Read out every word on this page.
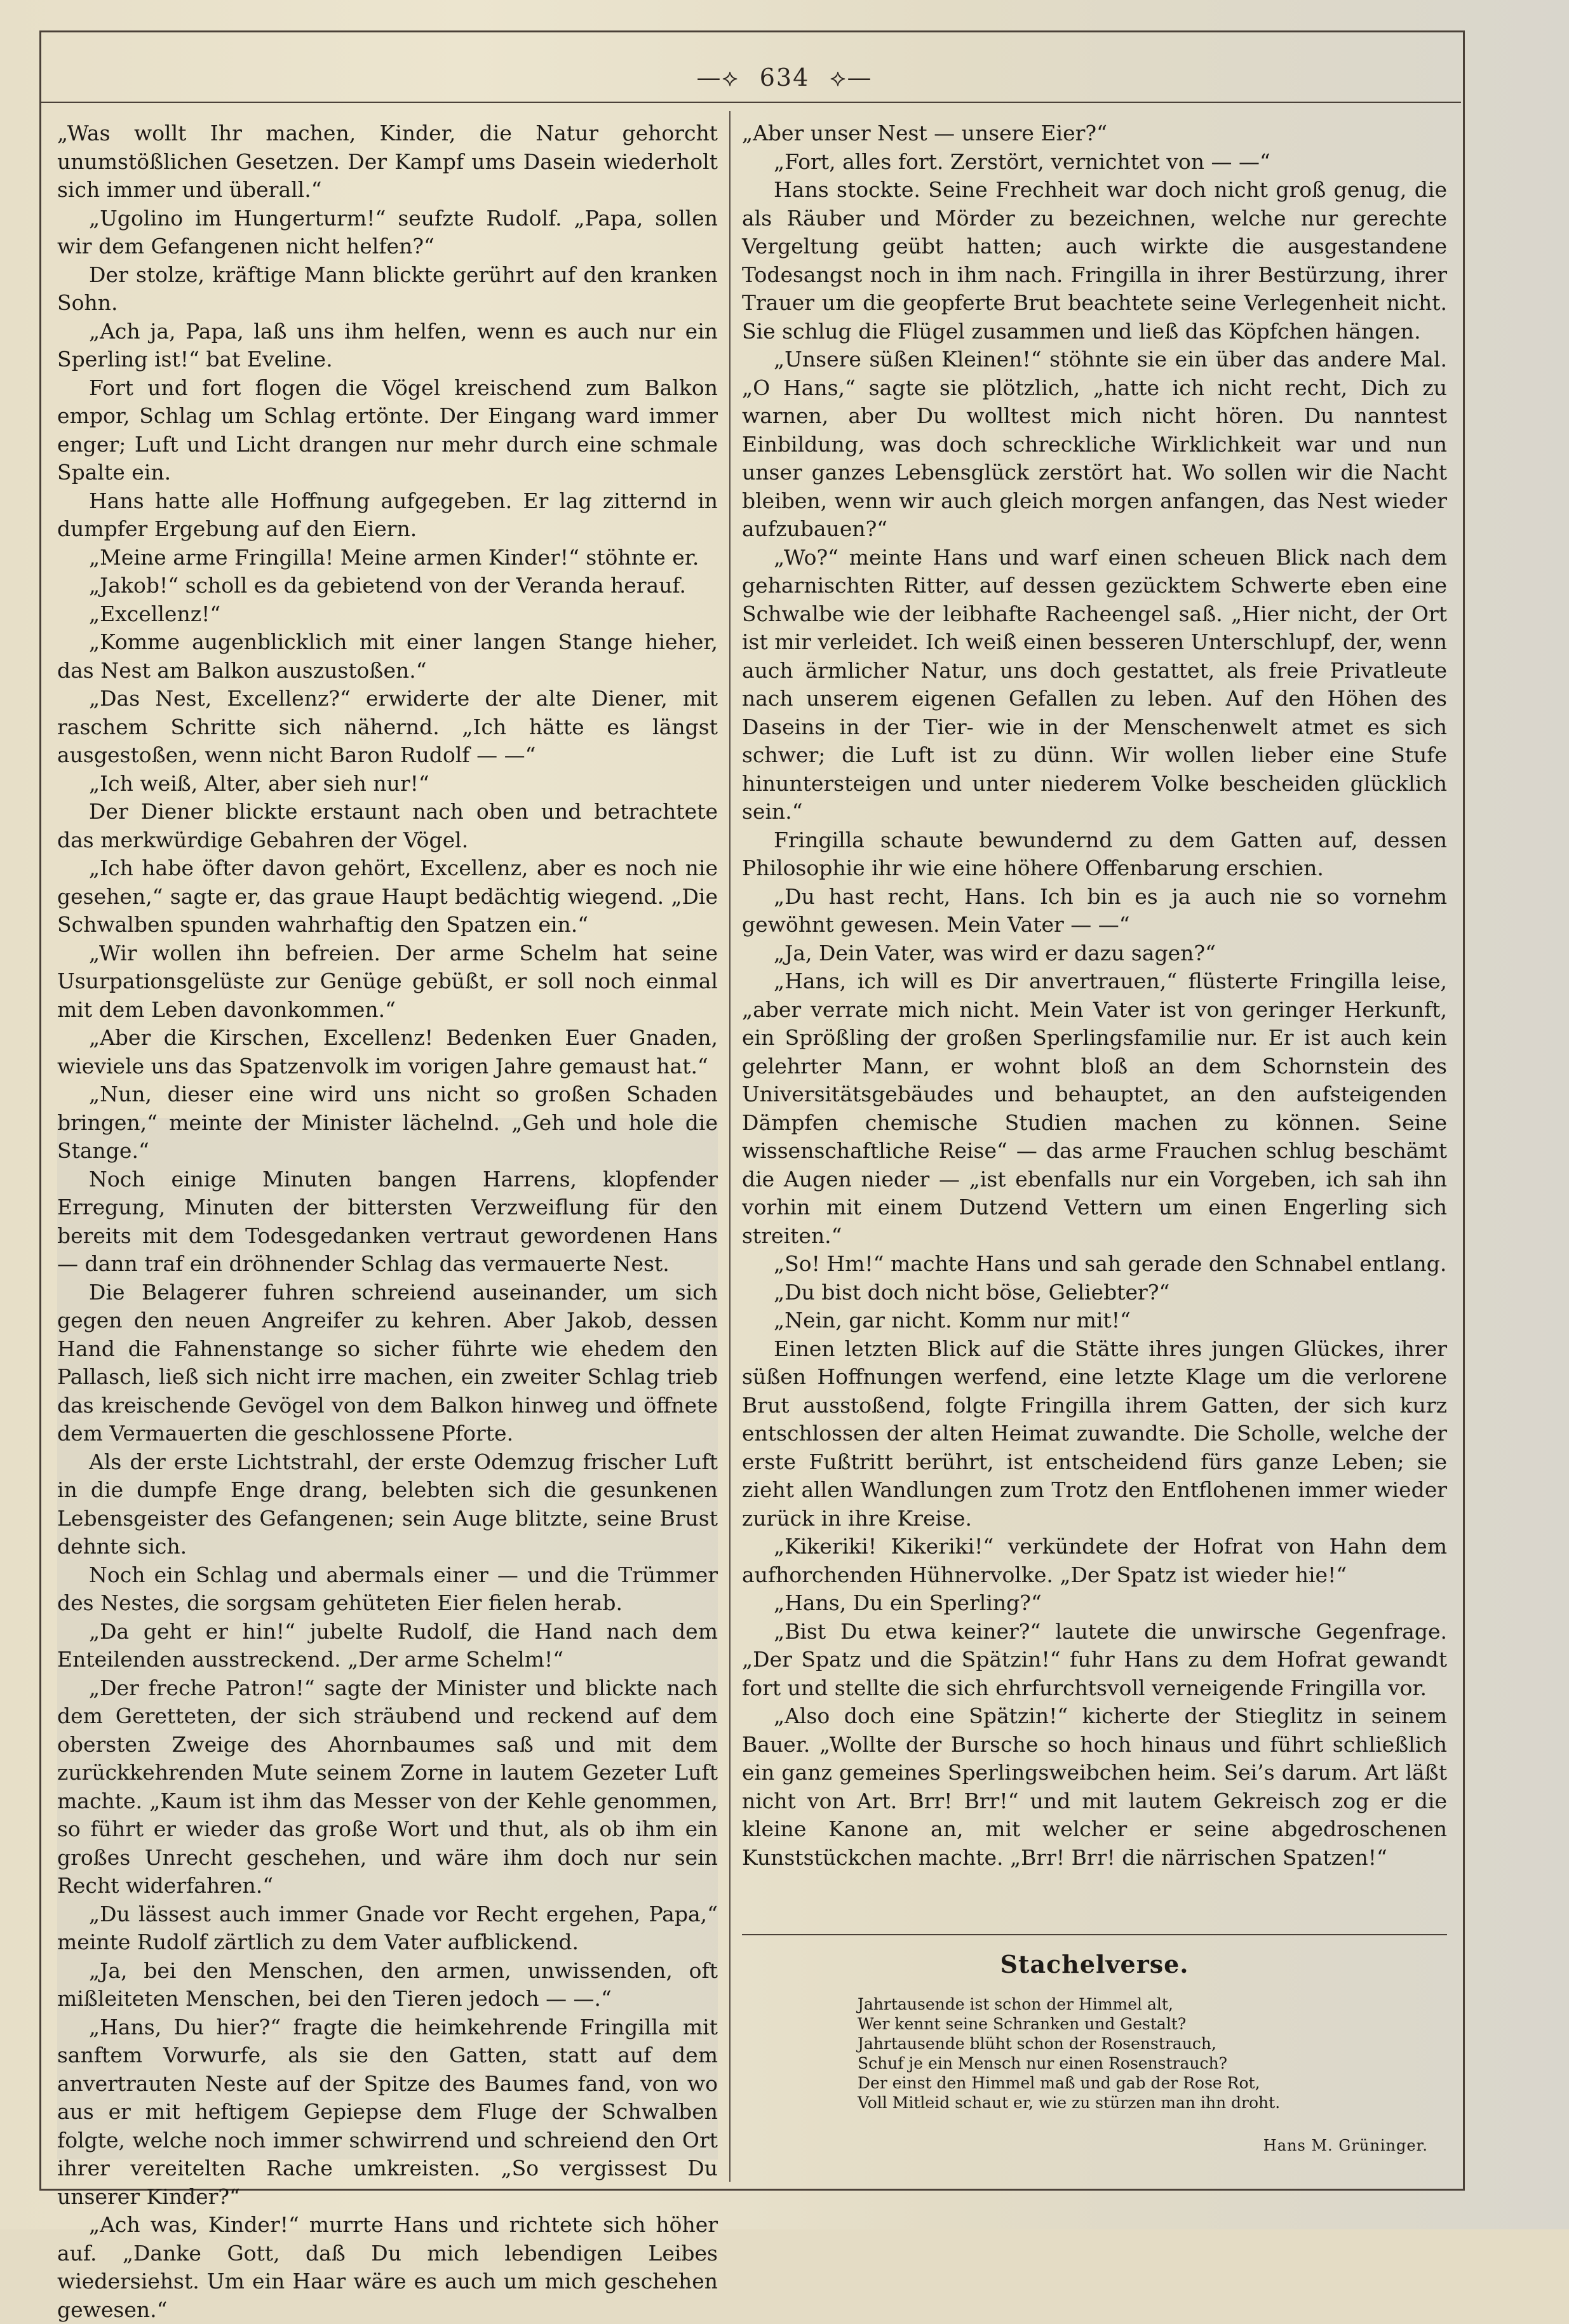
—⟡ 634 ⟡—

„Was wollt Ihr machen, Kinder, die Natur gehorcht unumstößlichen Gesetzen. Der Kampf ums Dasein wiederholt sich immer und überall.“

„Ugolino im Hungerturm!“ seufzte Rudolf. „Papa, sollen wir dem Gefangenen nicht helfen?“

Der stolze, kräftige Mann blickte gerührt auf den kranken Sohn.

„Ach ja, Papa, laß uns ihm helfen, wenn es auch nur ein Sperling ist!“ bat Eveline.

Fort und fort flogen die Vögel kreischend zum Balkon empor, Schlag um Schlag ertönte. Der Eingang ward immer enger; Luft und Licht drangen nur mehr durch eine schmale Spalte ein.

Hans hatte alle Hoffnung aufgegeben. Er lag zitternd in dumpfer Ergebung auf den Eiern.

„Meine arme Fringilla! Meine armen Kinder!“ stöhnte er.

„Jakob!“ scholl es da gebietend von der Veranda herauf.

„Excellenz!“

„Komme augenblicklich mit einer langen Stange hieher, das Nest am Balkon auszustoßen.“

„Das Nest, Excellenz?“ erwiderte der alte Diener, mit raschem Schritte sich nähernd. „Ich hätte es längst ausgestoßen, wenn nicht Baron Rudolf — —“

„Ich weiß, Alter, aber sieh nur!“

Der Diener blickte erstaunt nach oben und betrachtete das merkwürdige Gebahren der Vögel.

„Ich habe öfter davon gehört, Excellenz, aber es noch nie gesehen,“ sagte er, das graue Haupt bedächtig wiegend. „Die Schwalben spunden wahrhaftig den Spatzen ein.“

„Wir wollen ihn befreien. Der arme Schelm hat seine Usurpationsgelüste zur Genüge gebüßt, er soll noch einmal mit dem Leben davonkommen.“

„Aber die Kirschen, Excellenz! Bedenken Euer Gnaden, wieviele uns das Spatzenvolk im vorigen Jahre gemaust hat.“

„Nun, dieser eine wird uns nicht so großen Schaden bringen,“ meinte der Minister lächelnd. „Geh und hole die Stange.“

Noch einige Minuten bangen Harrens, klopfender Erregung, Minuten der bittersten Verzweiflung für den bereits mit dem Todesgedanken vertraut gewordenen Hans — dann traf ein dröhnender Schlag das vermauerte Nest.

Die Belagerer fuhren schreiend auseinander, um sich gegen den neuen Angreifer zu kehren. Aber Jakob, dessen Hand die Fahnenstange so sicher führte wie ehedem den Pallasch, ließ sich nicht irre machen, ein zweiter Schlag trieb das kreischende Gevögel von dem Balkon hinweg und öffnete dem Vermauerten die geschlossene Pforte.

Als der erste Lichtstrahl, der erste Odemzug frischer Luft in die dumpfe Enge drang, belebten sich die gesunkenen Lebensgeister des Gefangenen; sein Auge blitzte, seine Brust dehnte sich.

Noch ein Schlag und abermals einer — und die Trümmer des Nestes, die sorgsam gehüteten Eier fielen herab.

„Da geht er hin!“ jubelte Rudolf, die Hand nach dem Enteilenden ausstreckend. „Der arme Schelm!“

„Der freche Patron!“ sagte der Minister und blickte nach dem Geretteten, der sich sträubend und reckend auf dem obersten Zweige des Ahornbaumes saß und mit dem zurückkehrenden Mute seinem Zorne in lautem Gezeter Luft machte. „Kaum ist ihm das Messer von der Kehle genommen, so führt er wieder das große Wort und thut, als ob ihm ein großes Unrecht geschehen, und wäre ihm doch nur sein Recht widerfahren.“

„Du lässest auch immer Gnade vor Recht ergehen, Papa,“ meinte Rudolf zärtlich zu dem Vater aufblickend.

„Ja, bei den Menschen, den armen, unwissenden, oft mißleiteten Menschen, bei den Tieren jedoch — —.“

„Hans, Du hier?“ fragte die heimkehrende Fringilla mit sanftem Vorwurfe, als sie den Gatten, statt auf dem anvertrauten Neste auf der Spitze des Baumes fand, von wo aus er mit heftigem Gepiepse dem Fluge der Schwalben folgte, welche noch immer schwirrend und schreiend den Ort ihrer vereitelten Rache umkreisten. „So vergissest Du unserer Kinder?“

„Ach was, Kinder!“ murrte Hans und richtete sich höher auf. „Danke Gott, daß Du mich lebendigen Leibes wiedersiehst. Um ein Haar wäre es auch um mich geschehen gewesen.“

„Aber unser Nest — unsere Eier?“

„Fort, alles fort. Zerstört, vernichtet von — —“

Hans stockte. Seine Frechheit war doch nicht groß genug, die als Räuber und Mörder zu bezeichnen, welche nur gerechte Vergeltung geübt hatten; auch wirkte die ausgestandene Todesangst noch in ihm nach. Fringilla in ihrer Bestürzung, ihrer Trauer um die geopferte Brut beachtete seine Verlegenheit nicht. Sie schlug die Flügel zusammen und ließ das Köpfchen hängen.

„Unsere süßen Kleinen!“ stöhnte sie ein über das andere Mal. „O Hans,“ sagte sie plötzlich, „hatte ich nicht recht, Dich zu warnen, aber Du wolltest mich nicht hören. Du nanntest Einbildung, was doch schreckliche Wirklichkeit war und nun unser ganzes Lebensglück zerstört hat. Wo sollen wir die Nacht bleiben, wenn wir auch gleich morgen anfangen, das Nest wieder aufzubauen?“

„Wo?“ meinte Hans und warf einen scheuen Blick nach dem geharnischten Ritter, auf dessen gezücktem Schwerte eben eine Schwalbe wie der leibhafte Racheengel saß. „Hier nicht, der Ort ist mir verleidet. Ich weiß einen besseren Unterschlupf, der, wenn auch ärmlicher Natur, uns doch gestattet, als freie Privatleute nach unserem eigenen Gefallen zu leben. Auf den Höhen des Daseins in der Tier- wie in der Menschenwelt atmet es sich schwer; die Luft ist zu dünn. Wir wollen lieber eine Stufe hinuntersteigen und unter niederem Volke bescheiden glücklich sein.“

Fringilla schaute bewundernd zu dem Gatten auf, dessen Philosophie ihr wie eine höhere Offenbarung erschien.

„Du hast recht, Hans. Ich bin es ja auch nie so vornehm gewöhnt gewesen. Mein Vater — —“

„Ja, Dein Vater, was wird er dazu sagen?“

„Hans, ich will es Dir anvertrauen,“ flüsterte Fringilla leise, „aber verrate mich nicht. Mein Vater ist von geringer Herkunft, ein Sprößling der großen Sperlingsfamilie nur. Er ist auch kein gelehrter Mann, er wohnt bloß an dem Schornstein des Universitätsgebäudes und behauptet, an den aufsteigenden Dämpfen chemische Studien machen zu können. Seine wissenschaftliche Reise“ — das arme Frauchen schlug beschämt die Augen nieder — „ist ebenfalls nur ein Vorgeben, ich sah ihn vorhin mit einem Dutzend Vettern um einen Engerling sich streiten.“

„So! Hm!“ machte Hans und sah gerade den Schnabel entlang.

„Du bist doch nicht böse, Geliebter?“

„Nein, gar nicht. Komm nur mit!“

Einen letzten Blick auf die Stätte ihres jungen Glückes, ihrer süßen Hoffnungen werfend, eine letzte Klage um die verlorene Brut ausstoßend, folgte Fringilla ihrem Gatten, der sich kurz entschlossen der alten Heimat zuwandte. Die Scholle, welche der erste Fußtritt berührt, ist entscheidend fürs ganze Leben; sie zieht allen Wandlungen zum Trotz den Entflohenen immer wieder zurück in ihre Kreise.

„Kikeriki! Kikeriki!“ verkündete der Hofrat von Hahn dem aufhorchenden Hühnervolke. „Der Spatz ist wieder hie!“

„Hans, Du ein Sperling?“

„Bist Du etwa keiner?“ lautete die unwirsche Gegenfrage. „Der Spatz und die Spätzin!“ fuhr Hans zu dem Hofrat gewandt fort und stellte die sich ehrfurchtsvoll verneigende Fringilla vor.

„Also doch eine Spätzin!“ kicherte der Stieglitz in seinem Bauer. „Wollte der Bursche so hoch hinaus und führt schließlich ein ganz gemeines Sperlingsweibchen heim. Sei’s darum. Art läßt nicht von Art. Brr! Brr!“ und mit lautem Gekreisch zog er die kleine Kanone an, mit welcher er seine abgedroschenen Kunststückchen machte. „Brr! Brr! die närrischen Spatzen!“

Stachelverse.
Jahrtausende ist schon der Himmel alt,
Wer kennt seine Schranken und Gestalt?
Jahrtausende blüht schon der Rosenstrauch,
Schuf je ein Mensch nur einen Rosenstrauch?
Der einst den Himmel maß und gab der Rose Rot,
Voll Mitleid schaut er, wie zu stürzen man ihn droht.
Hans M. Grüninger.
